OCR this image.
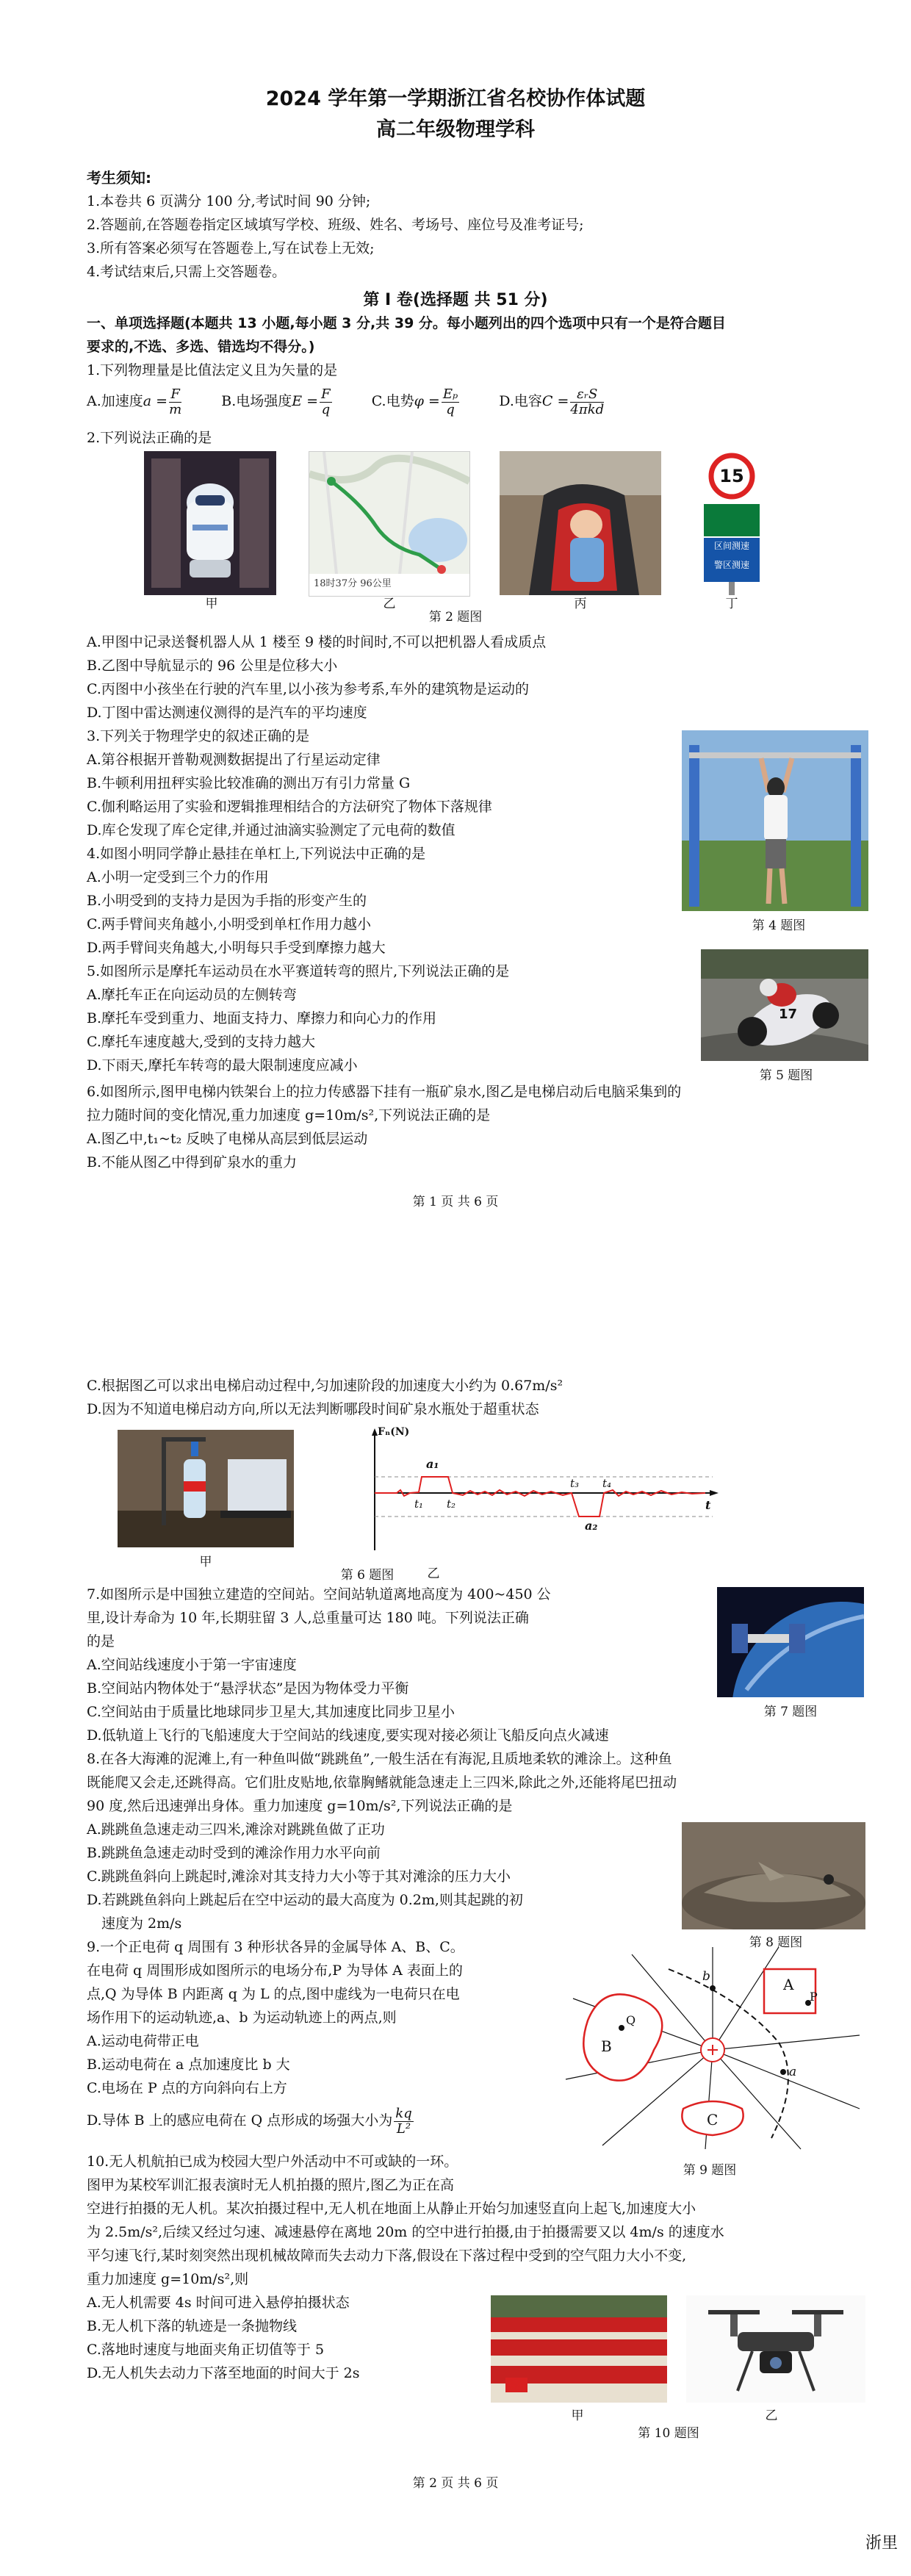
2024 学年第一学期浙江省名校协作体试题
高二年级物理学科
考生须知:
1.本卷共 6 页满分 100 分,考试时间 90 分钟;
2.答题前,在答题卷指定区域填写学校、班级、姓名、考场号、座位号及准考证号;
3.所有答案必须写在答题卷上,写在试卷上无效;
4.考试结束后,只需上交答题卷。
第 I 卷(选择题 共 51 分)
一、单项选择题(本题共 13 小题,每小题 3 分,共 39 分。每小题列出的四个选项中只有一个是符合题目
要求的,不选、多选、错选均不得分。)
1.下列物理量是比值法定义且为矢量的是
A.加速度$a = \frac{F}{m}$	B.电场强度$E = \frac{F}{q}$	C.电势$\varphi = \frac{\text{Eₚ}}{q}$	D.电容$C = \frac{\text{εᵣS}}{\text{4πkd}}$
2.下列说法正确的是
18时37分 96公里
15
区间测速
警区测速
甲	乙	丙	丁
第 2 题图
A.甲图中记录送餐机器人从 1 楼至 9 楼的时间时,不可以把机器人看成质点
B.乙图中导航显示的 96 公里是位移大小
C.丙图中小孩坐在行驶的汽车里,以小孩为参考系,车外的建筑物是运动的
D.丁图中雷达测速仪测得的是汽车的平均速度
3.下列关于物理学史的叙述正确的是
A.第谷根据开普勒观测数据提出了行星运动定律
B.牛顿利用扭秤实验比较准确的测出万有引力常量 G
C.伽利略运用了实验和逻辑推理相结合的方法研究了物体下落规律
D.库仑发现了库仑定律,并通过油滴实验测定了元电荷的数值
第 4 题图
4.如图小明同学静止悬挂在单杠上,下列说法中正确的是
A.小明一定受到三个力的作用
B.小明受到的支持力是因为手指的形变产生的
C.两手臂间夹角越小,小明受到单杠作用力越小
D.两手臂间夹角越大,小明每只手受到摩擦力越大
17
第 5 题图
5.如图所示是摩托车运动员在水平赛道转弯的照片,下列说法正确的是
A.摩托车正在向运动员的左侧转弯
B.摩托车受到重力、地面支持力、摩擦力和向心力的作用
C.摩托车速度越大,受到的支持力越大
D.下雨天,摩托车转弯的最大限制速度应减小
6.如图所示,图甲电梯内铁架台上的拉力传感器下挂有一瓶矿泉水,图乙是电梯启动后电脑采集到的
拉力随时间的变化情况,重力加速度 g=10m/s²,下列说法正确的是
A.图乙中,t₁~t₂ 反映了电梯从高层到低层运动
B.不能从图乙中得到矿泉水的重力
第 1 页 共 6 页
C.根据图乙可以求出电梯启动过程中,匀加速阶段的加速度大小约为 0.67m/s²
D.因为不知道电梯启动方向,所以无法判断哪段时间矿泉水瓶处于超重状态
甲
Fₙ(N)
t
a₁
a₂
t₁ t₂
t₃ t₄
乙
第 6 题图
7.如图所示是中国独立建造的空间站。空间站轨道离地高度为 400~450 公
里,设计寿命为 10 年,长期驻留 3 人,总重量可达 180 吨。下列说法正确
的是
A.空间站线速度小于第一宇宙速度
B.空间站内物体处于“悬浮状态”是因为物体受力平衡
C.空间站由于质量比地球同步卫星大,其加速度比同步卫星小
D.低轨道上飞行的飞船速度大于空间站的线速度,要实现对接必须让飞船反向点火减速
第 7 题图
8.在各大海滩的泥滩上,有一种鱼叫做“跳跳鱼”,一般生活在有海泥,且质地柔软的滩涂上。这种鱼
既能爬又会走,还跳得高。它们肚皮贴地,依靠胸鳍就能急速走上三四米,除此之外,还能将尾巴扭动
90 度,然后迅速弹出身体。重力加速度 g=10m/s²,下列说法正确的是
A.跳跳鱼急速走动三四米,滩涂对跳跳鱼做了正功
B.跳跳鱼急速走动时受到的滩涂作用力水平向前
C.跳跳鱼斜向上跳起时,滩涂对其支持力大小等于其对滩涂的压力大小
D.若跳跳鱼斜向上跳起后在空中运动的最大高度为 0.2m,则其起跳的初
速度为 2m/s
第 8 题图
9.一个正电荷 q 周围有 3 种形状各异的金属导体 A、B、C。
在电荷 q 周围形成如图所示的电场分布,P 为导体 A 表面上的
点,Q 为导体 B 内距离 q 为 L 的点,图中虚线为一电荷只在电
场作用下的运动轨迹,a、b 为运动轨迹上的两点,则
A.运动电荷带正电
B.运动电荷在 a 点加速度比 b 大
C.电场在 P 点的方向斜向右上方
D.导体 B 上的感应电荷在 Q 点形成的场强大小为 $\frac{kq}{\text{L²}}$
b
a
A
P
B
Q
C
第 9 题图
10.无人机航拍已成为校园大型户外活动中不可或缺的一环。
图甲为某校军训汇报表演时无人机拍摄的照片,图乙为正在高
空进行拍摄的无人机。某次拍摄过程中,无人机在地面上从静止开始匀加速竖直向上起飞,加速度大小
为 2.5m/s²,后续又经过匀速、减速悬停在离地 20m 的空中进行拍摄,由于拍摄需要又以 4m/s 的速度水
平匀速飞行,某时刻突然出现机械故障而失去动力下落,假设在下落过程中受到的空气阻力大小不变,
重力加速度 g=10m/s²,则
A.无人机需要 4s 时间可进入悬停拍摄状态
B.无人机下落的轨迹是一条抛物线
C.落地时速度与地面夹角正切值等于 5
D.无人机失去动力下落至地面的时间大于 2s
甲	乙
第 10 题图
第 2 页 共 6 页
浙里
